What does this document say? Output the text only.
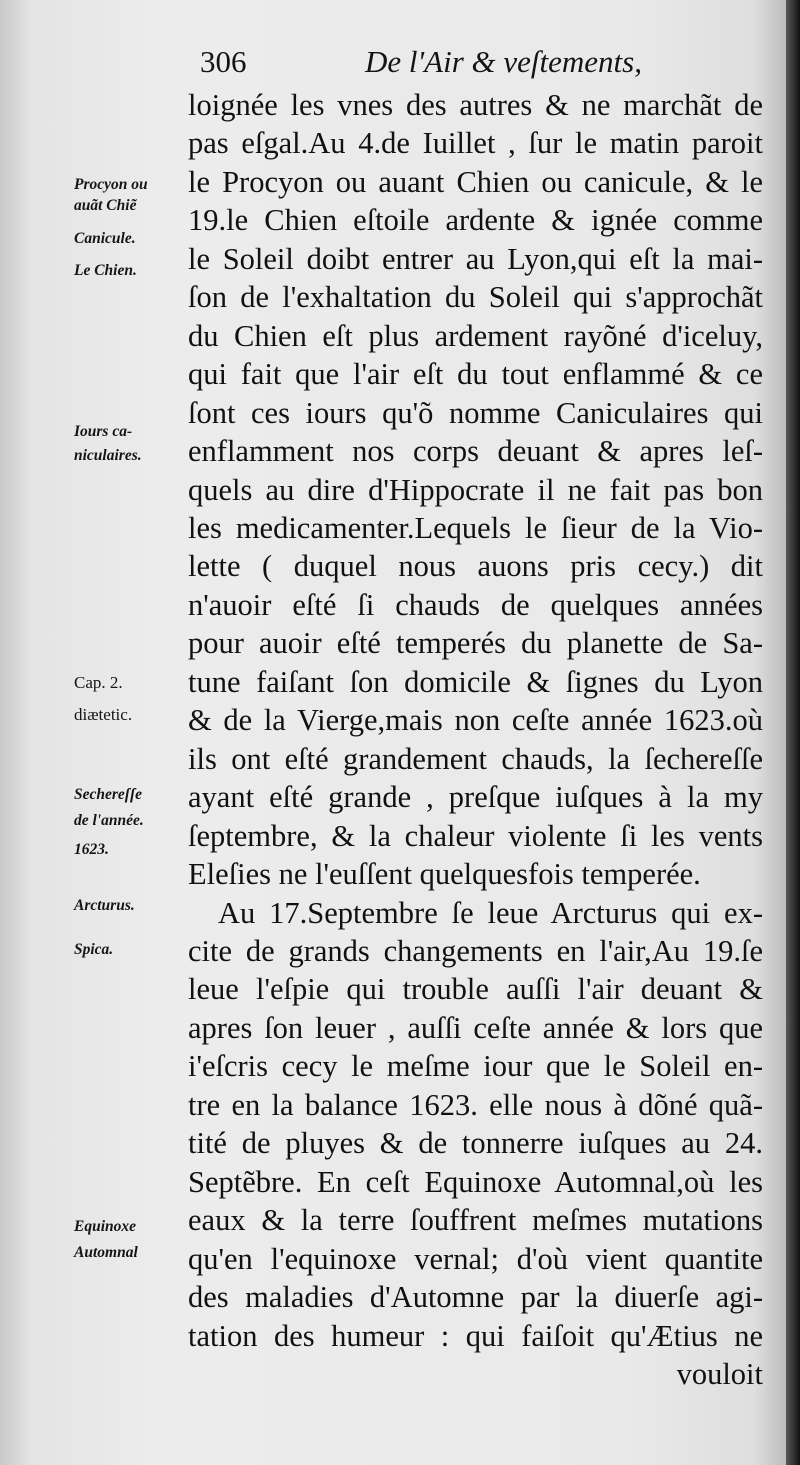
306	De l'Air & veſtements,
loignée les vnes des autres & ne marchãt de
pas eſgal.Au 4.de Iuillet , ſur le matin paroit
le Procyon ou auant Chien ou canicule, & le
19.le Chien eſtoile ardente & ignée comme
le Soleil doibt entrer au Lyon,qui eſt la mai-
ſon de l'exhaltation du Soleil qui s'approchãt
du Chien eſt plus ardement rayõné d'iceluy,
qui fait que l'air eſt du tout enflammé & ce
ſont ces iours qu'õ nomme Caniculaires qui
enflamment nos corps deuant & apres leſ-
quels au dire d'Hippocrate il ne fait pas bon
les medicamenter.Lequels le ſieur de la Vio-
lette ( duquel nous auons pris cecy.) dit
n'auoir eſté ſi chauds de quelques années
pour auoir eſté temperés du planette de Sa-
tune faiſant ſon domicile & ſignes du Lyon
& de la Vierge,mais non ceſte année 1623.où
ils ont eſté grandement chauds, la ſechereſſe
ayant eſté grande , preſque iuſques à la my
ſeptembre, & la chaleur violente ſi les vents
Eleſies ne l'euſſent quelquesfois temperée.
Au 17.Septembre ſe leue Arcturus qui ex-
cite de grands changements en l'air,Au 19.ſe
leue l'eſpie qui trouble auſſi l'air deuant &
apres ſon leuer , auſſi ceſte année & lors que
i'eſcris cecy le meſme iour que le Soleil en-
tre en la balance 1623. elle nous à dõné quã-
tité de pluyes & de tonnerre iuſques au 24.
Septẽbre. En ceſt Equinoxe Automnal,où les
eaux & la terre ſouffrent meſmes mutations
qu'en l'equinoxe vernal; d'où vient quantite
des maladies d'Automne par la diuerſe agi-
tation des humeur : qui faiſoit qu'Ætius ne
vouloit
Procyon ou
auãt Chiẽ
Canicule.
Le Chien.
Iours ca-
niculaires.
Cap. 2.
diætetic.
Sechereſſe
de l'année.
1623.
Arcturus.
Spica.
Equinoxe
Automnal
